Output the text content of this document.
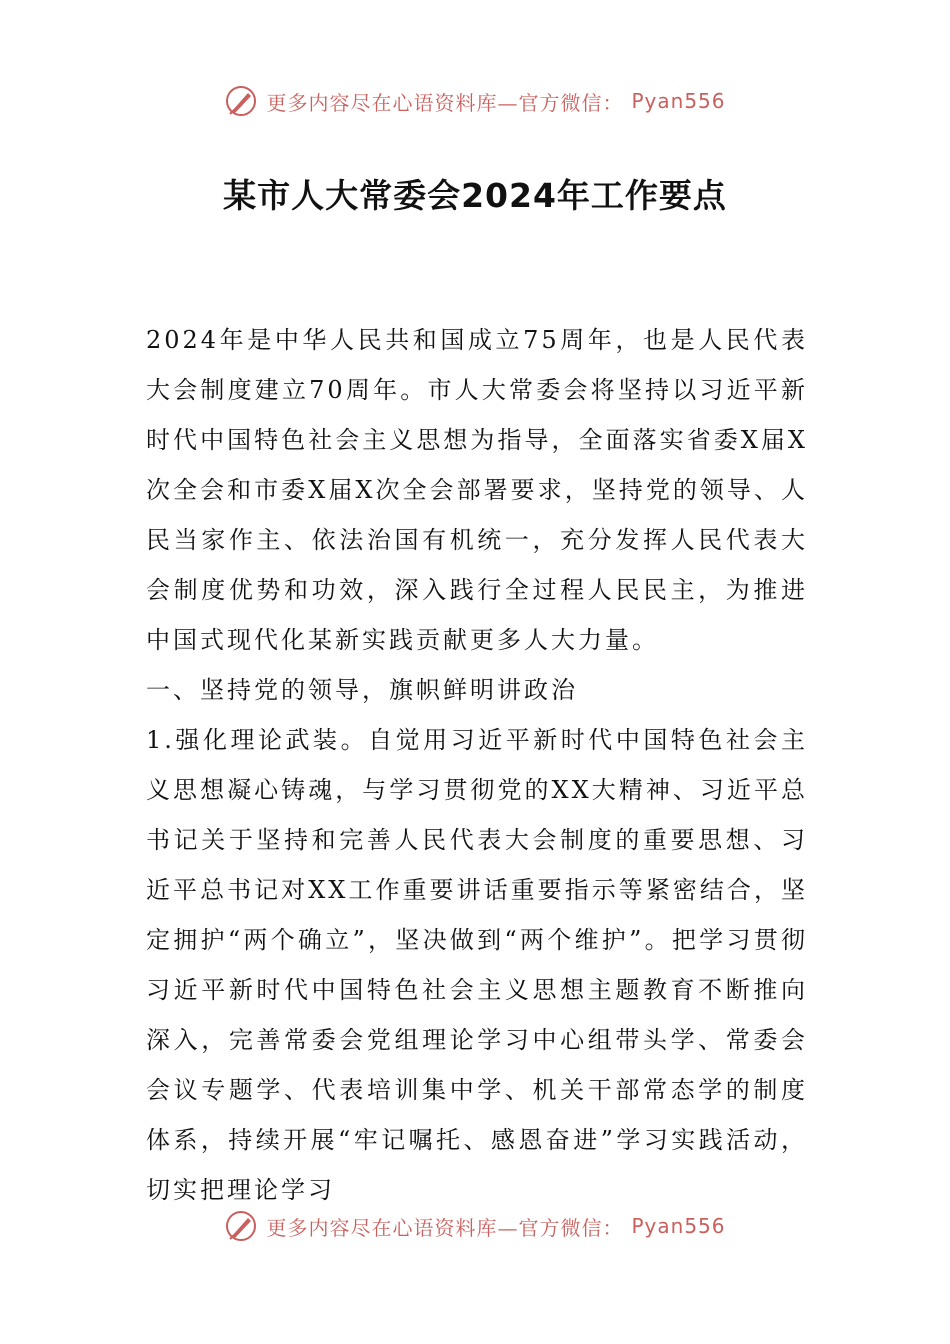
更多内容尽在心语资料库—官方微信： Pyan556
某市人大常委会2024年工作要点

2024年是中华人民共和国成立75周年，也是人民代表大会制度建立70周年。市人大常委会将坚持以习近平新时代中国特色社会主义思想为指导，全面落实省委X届X次全会和市委X届X次全会部署要求，坚持党的领导、人民当家作主、依法治国有机统一，充分发挥人民代表大会制度优势和功效，深入践行全过程人民民主，为推进中国式现代化某新实践贡献更多人大力量。

一、坚持党的领导，旗帜鲜明讲政治

1.强化理论武装。自觉用习近平新时代中国特色社会主义思想凝心铸魂，与学习贯彻党的XX大精神、习近平总书记关于坚持和完善人民代表大会制度的重要思想、习近平总书记对XX工作重要讲话重要指示等紧密结合，坚定拥护“两个确立”，坚决做到“两个维护”。把学习贯彻习近平新时代中国特色社会主义思想主题教育不断推向深入，完善常委会党组理论学习中心组带头学、常委会会议专题学、代表培训集中学、机关干部常态学的制度体系，持续开展“牢记嘱托、感恩奋进”学习实践活动，切实把理论学习

更多内容尽在心语资料库—官方微信： Pyan556
